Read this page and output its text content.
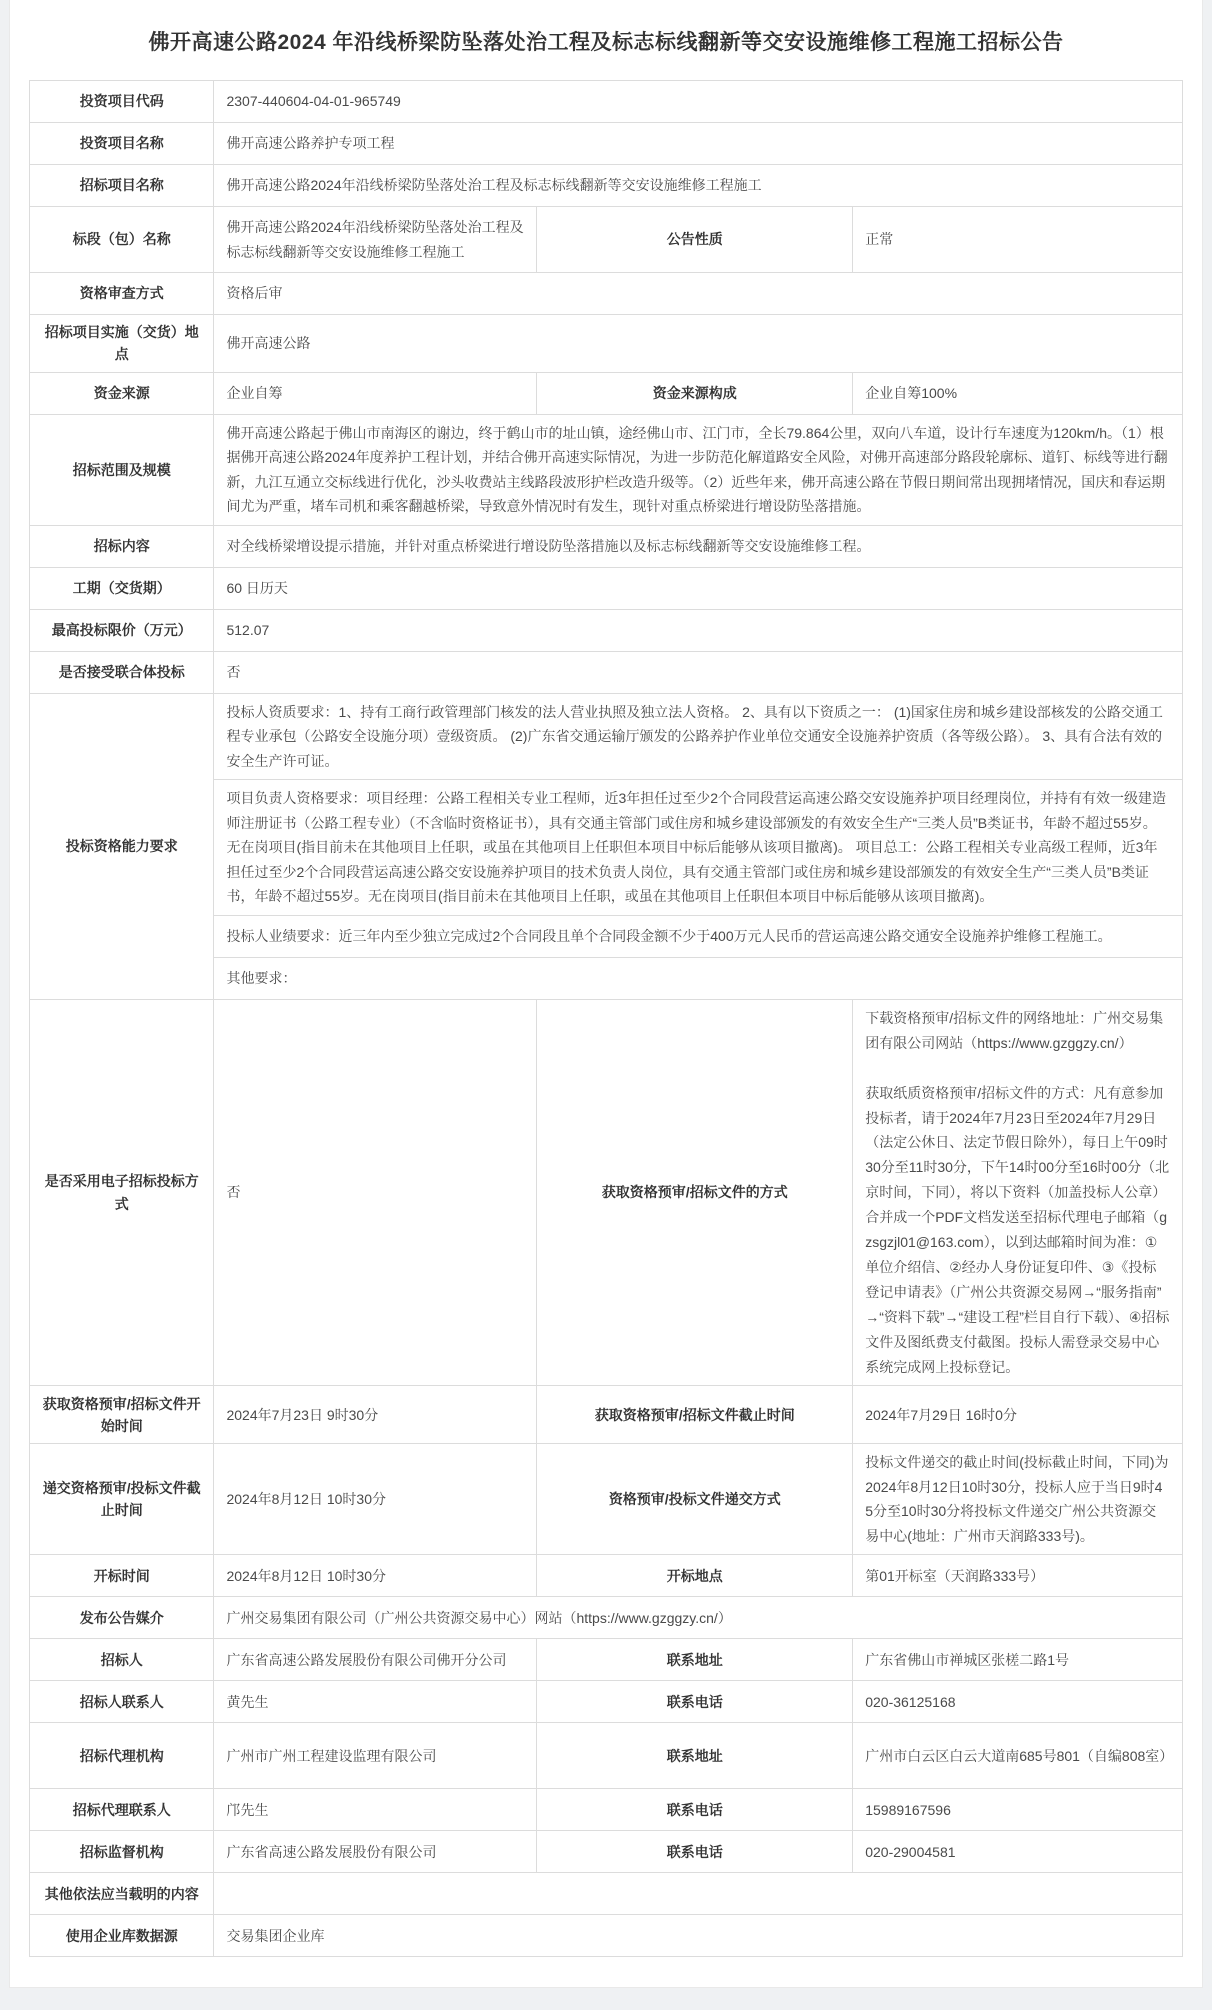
佛开高速公路2024 年沿线桥梁防坠落处治工程及标志标线翻新等交安设施维修工程施工招标公告
投资项目代码	2307-440604-04-01-965749		
投资项目名称	佛开高速公路养护专项工程		
招标项目名称	佛开高速公路2024年沿线桥梁防坠落处治工程及标志标线翻新等交安设施维修工程施工		
标段（包）名称	佛开高速公路2024年沿线桥梁防坠落处治工程及标志标线翻新等交安设施维修工程施工	公告性质	正常
资格审查方式	资格后审		
招标项目实施（交货）地点	佛开高速公路		
资金来源	企业自筹	资金来源构成	企业自筹100%
招标范围及规模	佛开高速公路起于佛山市南海区的谢边，终于鹤山市的址山镇，途经佛山市、江门市，全长79.864公里，双向八车道，设计行车速度为120km/h。（1）根据佛开高速公路2024年度养护工程计划，并结合佛开高速实际情况，为进一步防范化解道路安全风险，对佛开高速部分路段轮廓标、道钉、标线等进行翻新，九江互通立交标线进行优化，沙头收费站主线路段波形护栏改造升级等。（2）近些年来，佛开高速公路在节假日期间常出现拥堵情况，国庆和春运期间尤为严重，堵车司机和乘客翻越桥梁，导致意外情况时有发生，现针对重点桥梁进行增设防坠落措施。		
招标内容	对全线桥梁增设提示措施，并针对重点桥梁进行增设防坠落措施以及标志标线翻新等交安设施维修工程。		
工期（交货期）	60 日历天		
最高投标限价（万元）	512.07		
是否接受联合体投标	否		
投标资格能力要求	投标人资质要求：1、持有工商行政管理部门核发的法人营业执照及独立法人资格。 2、具有以下资质之一： (1)国家住房和城乡建设部核发的公路交通工程专业承包（公路安全设施分项）壹级资质。 (2)广东省交通运输厅颁发的公路养护作业单位交通安全设施养护资质（各等级公路）。 3、具有合法有效的安全生产许可证。		
	项目负责人资格要求：项目经理：公路工程相关专业工程师，近3年担任过至少2个合同段营运高速公路交安设施养护项目经理岗位，并持有有效一级建造师注册证书（公路工程专业）（不含临时资格证书），具有交通主管部门或住房和城乡建设部颁发的有效安全生产“三类人员”B类证书，年龄不超过55岁。无在岗项目(指目前未在其他项目上任职，或虽在其他项目上任职但本项目中标后能够从该项目撤离)。 项目总工：公路工程相关专业高级工程师，近3年担任过至少2个合同段营运高速公路交安设施养护项目的技术负责人岗位，具有交通主管部门或住房和城乡建设部颁发的有效安全生产“三类人员”B类证书，年龄不超过55岁。无在岗项目(指目前未在其他项目上任职，或虽在其他项目上任职但本项目中标后能够从该项目撤离)。		
	投标人业绩要求：近三年内至少独立完成过2个合同段且单个合同段金额不少于400万元人民币的营运高速公路交通安全设施养护维修工程施工。		
	其他要求：		
是否采用电子招标投标方式	否	获取资格预审/招标文件的方式	下载资格预审/招标文件的网络地址：广州交易集团有限公司网站（https://www.gzggzy.cn/）

获取纸质资格预审/招标文件的方式：凡有意参加投标者，请于2024年7月23日至2024年7月29日（法定公休日、法定节假日除外），每日上午09时30分至11时30分，下午14时00分至16时00分（北京时间，下同），将以下资料（加盖投标人公章）合并成一个PDF文档发送至招标代理电子邮箱（gzsgzjl01@163.com），以到达邮箱时间为准：①单位介绍信、②经办人身份证复印件、③《投标登记申请表》（广州公共资源交易网→“服务指南”→“资料下载”→“建设工程”栏目自行下载）、④招标文件及图纸费支付截图。投标人需登录交易中心系统完成网上投标登记。

获取资格预审/招标文件开始时间	2024年7月23日 9时30分	获取资格预审/招标文件截止时间	2024年7月29日 16时0分
递交资格预审/投标文件截止时间	2024年8月12日 10时30分	资格预审/投标文件递交方式	投标文件递交的截止时间(投标截止时间，下同)为2024年8月12日10时30分，投标人应于当日9时45分至10时30分将投标文件递交广州公共资源交易中心(地址：广州市天润路333号)。
开标时间	2024年8月12日 10时30分	开标地点	第01开标室（天润路333号）
发布公告媒介	广州交易集团有限公司（广州公共资源交易中心）网站（https://www.gzggzy.cn/）		
招标人	广东省高速公路发展股份有限公司佛开分公司	联系地址	广东省佛山市禅城区张槎二路1号
招标人联系人	黄先生	联系电话	020-36125168
招标代理机构	广州市广州工程建设监理有限公司	联系地址	广州市白云区白云大道南685号801（自编808室）
招标代理联系人	邝先生	联系电话	15989167596
招标监督机构	广东省高速公路发展股份有限公司	联系电话	020-29004581
其他依法应当载明的内容			
使用企业库数据源	交易集团企业库		
